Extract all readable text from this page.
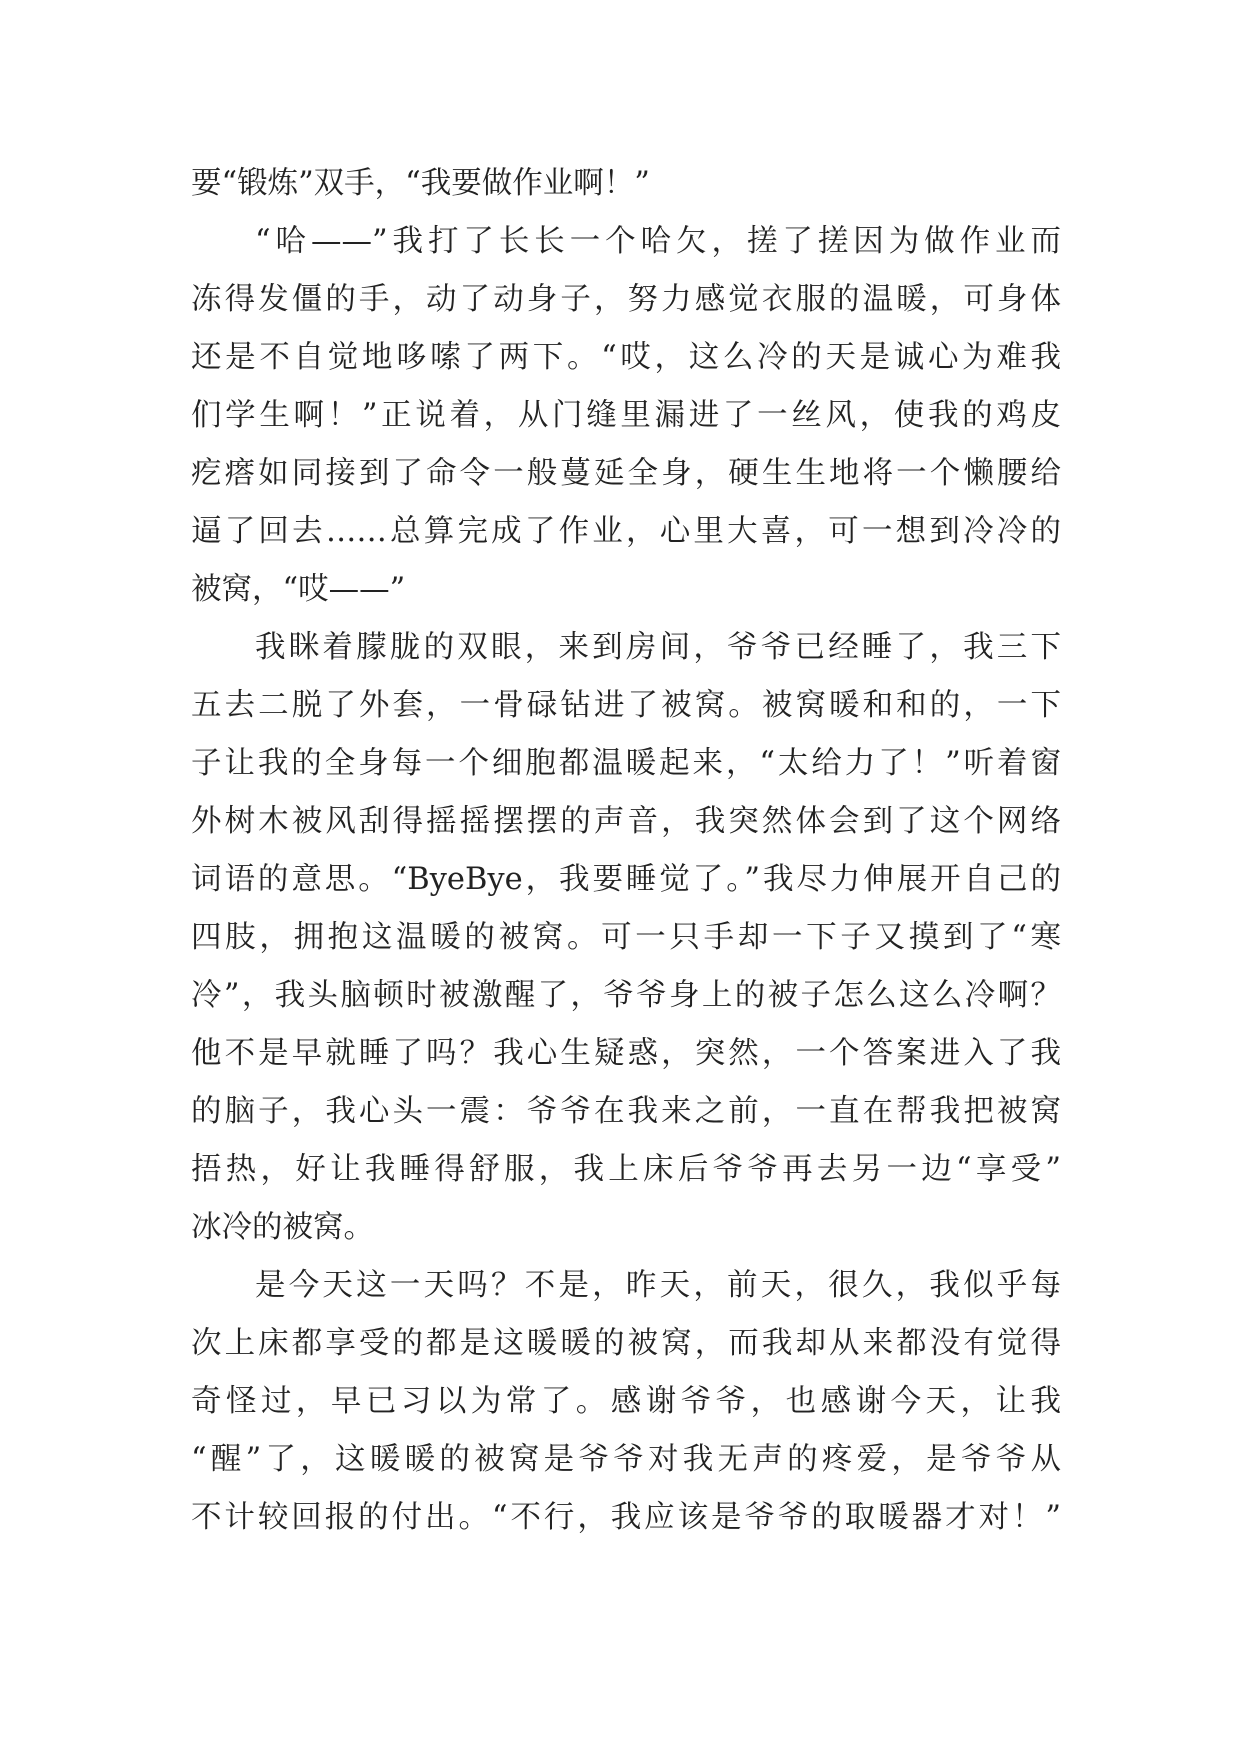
要“锻炼”双手，“我要做作业啊！”
“哈——”我打了长长一个哈欠，搓了搓因为做作业而
冻得发僵的手，动了动身子，努力感觉衣服的温暖，可身体
还是不自觉地哆嗦了两下。“哎，这么冷的天是诚心为难我
们学生啊！”正说着，从门缝里漏进了一丝风，使我的鸡皮
疙瘩如同接到了命令一般蔓延全身，硬生生地将一个懒腰给
逼了回去……总算完成了作业，心里大喜，可一想到冷冷的
被窝，“哎——”
我眯着朦胧的双眼，来到房间，爷爷已经睡了，我三下
五去二脱了外套，一骨碌钻进了被窝。被窝暖和和的，一下
子让我的全身每一个细胞都温暖起来，“太给力了！”听着窗
外树木被风刮得摇摇摆摆的声音，我突然体会到了这个网络
词语的意思。“ByeBye，我要睡觉了。”我尽力伸展开自己的
四肢，拥抱这温暖的被窝。可一只手却一下子又摸到了“寒
冷”，我头脑顿时被激醒了，爷爷身上的被子怎么这么冷啊？
他不是早就睡了吗？我心生疑惑，突然，一个答案进入了我
的脑子，我心头一震：爷爷在我来之前，一直在帮我把被窝
捂热，好让我睡得舒服，我上床后爷爷再去另一边“享受”
冰冷的被窝。
是今天这一天吗？不是，昨天，前天，很久，我似乎每
次上床都享受的都是这暖暖的被窝，而我却从来都没有觉得
奇怪过，早已习以为常了。感谢爷爷，也感谢今天，让我
“醒”了，这暖暖的被窝是爷爷对我无声的疼爱，是爷爷从
不计较回报的付出。“不行，我应该是爷爷的取暖器才对！”
